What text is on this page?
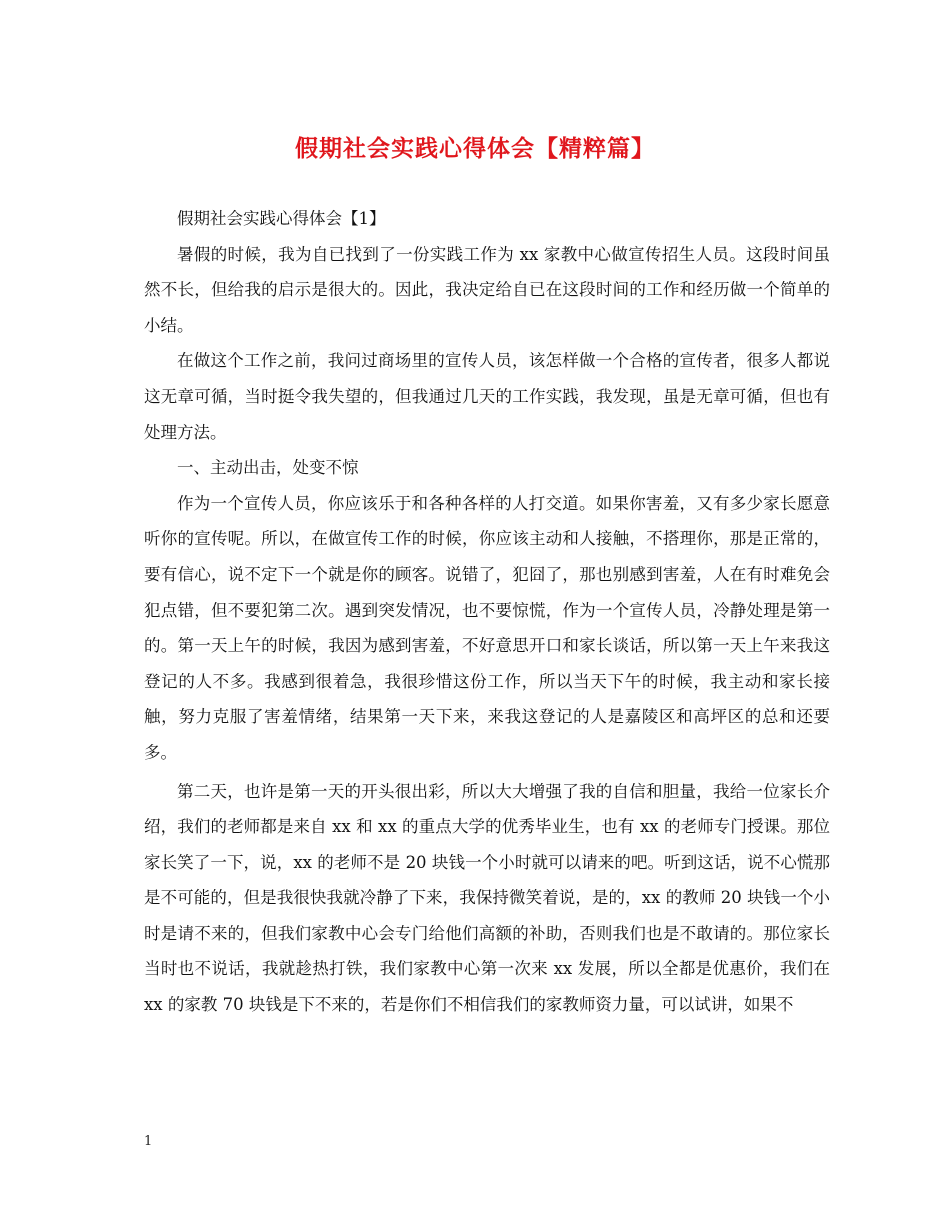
假期社会实践心得体会【精粹篇】

假期社会实践心得体会【1】

暑假的时候，我为自已找到了一份实践工作为 xx 家教中心做宣传招生人员。这段时间虽然不长，但给我的启示是很大的。因此，我决定给自已在这段时间的工作和经历做一个简单的小结。

在做这个工作之前，我问过商场里的宣传人员，该怎样做一个合格的宣传者，很多人都说这无章可循，当时挺令我失望的，但我通过几天的工作实践，我发现，虽是无章可循，但也有处理方法。

一、主动出击，处变不惊

作为一个宣传人员，你应该乐于和各种各样的人打交道。如果你害羞，又有多少家长愿意听你的宣传呢。所以，在做宣传工作的时候，你应该主动和人接触，不搭理你，那是正常的，要有信心，说不定下一个就是你的顾客。说错了，犯囧了，那也别感到害羞，人在有时难免会犯点错，但不要犯第二次。遇到突发情况，也不要惊慌，作为一个宣传人员，冷静处理是第一的。第一天上午的时候，我因为感到害羞，不好意思开口和家长谈话，所以第一天上午来我这登记的人不多。我感到很着急，我很珍惜这份工作，所以当天下午的时候，我主动和家长接触，努力克服了害羞情绪，结果第一天下来，来我这登记的人是嘉陵区和高坪区的总和还要多。

第二天，也许是第一天的开头很出彩，所以大大增强了我的自信和胆量，我给一位家长介绍，我们的老师都是来自 xx 和 xx 的重点大学的优秀毕业生，也有 xx 的老师专门授课。那位家长笑了一下，说，xx 的老师不是 20 块钱一个小时就可以请来的吧。听到这话，说不心慌那是不可能的，但是我很快我就冷静了下来，我保持微笑着说，是的，xx 的教师 20 块钱一个小时是请不来的，但我们家教中心会专门给他们高额的补助，否则我们也是不敢请的。那位家长当时也不说话，我就趁热打铁，我们家教中心第一次来 xx 发展，所以全都是优惠价，我们在 xx 的家教 70 块钱是下不来的，若是你们不相信我们的家教师资力量，可以试讲，如果不

1
